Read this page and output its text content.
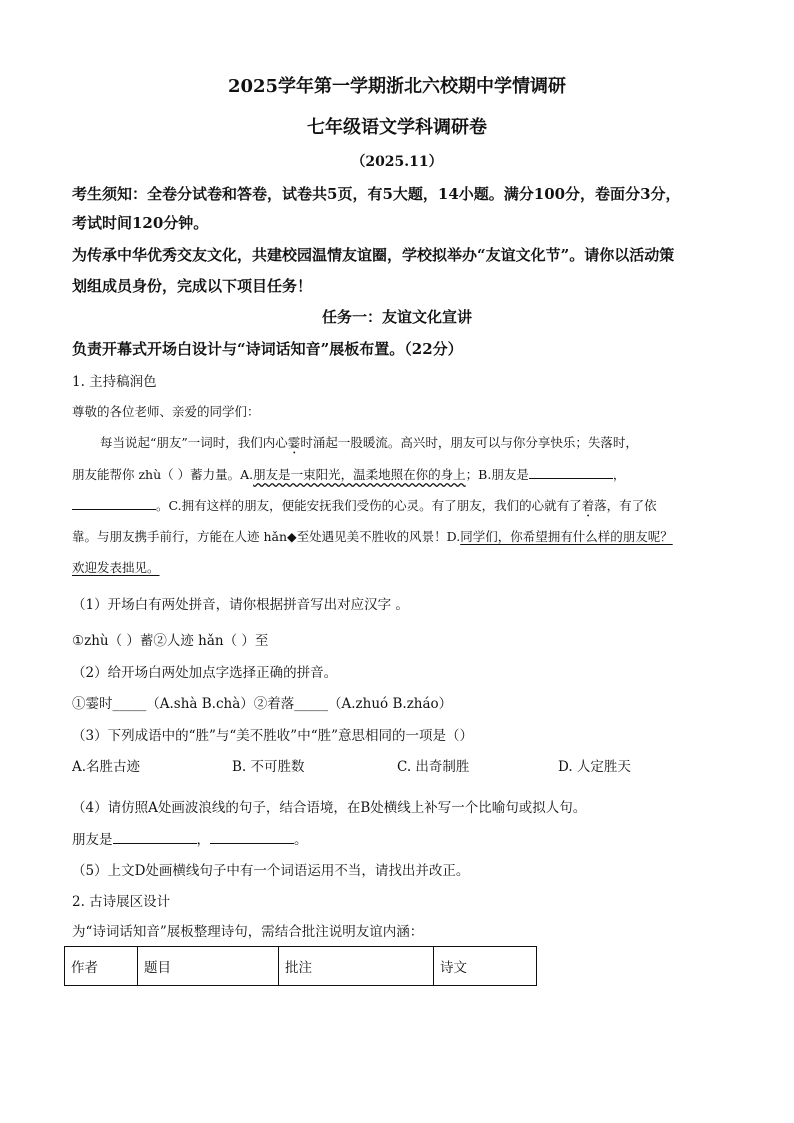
2025学年第一学期浙北六校期中学情调研
七年级语文学科调研卷
（2025.11）
考生须知：全卷分试卷和答卷，试卷共5页，有5大题，14小题。满分100分，卷面分3分，
考试时间120分钟。
为传承中华优秀交友文化，共建校园温情友谊圈，学校拟举办“友谊文化节”。请你以活动策
划组成员身份，完成以下项目任务！
任务一：友谊文化宣讲
负责开幕式开场白设计与“诗词话知音”展板布置。（22分）
1. 主持稿润色
尊敬的各位老师、亲爱的同学们：
每当说起“朋友”一词时，我们内心霎时涌起一股暖流。高兴时，朋友可以与你分享快乐；失落时，
朋友能帮你 zhù（ ）蓄力量。A.朋友是一束阳光，温柔地照在你的身上；B.朋友是	，
。C.拥有这样的朋友，便能安抚我们受伤的心灵。有了朋友，我们的心就有了着落，有了依
靠。与朋友携手前行，方能在人迹 hǎn◆至处遇见美不胜收的风景！D.同学们，你希望拥有什么样的朋友呢？
欢迎发表拙见。
（1）开场白有两处拼音，请你根据拼音写出对应汉字 。
①zhù（ ）蓄②人迹 hǎn（ ）至
（2）给开场白两处加点字选择正确的拼音。
①霎时_____（A.shà B.chà）②着落_____（A.zhuó B.zháo）
（3）下列成语中的“胜”与“美不胜收”中“胜”意思相同的一项是（）
A.名胜古迹	B. 不可胜数	C. 出奇制胜	D. 人定胜天
（4）请仿照A处画波浪线的句子，结合语境，在B处横线上补写一个比喻句或拟人句。
朋友是	，	。
（5）上文D处画横线句子中有一个词语运用不当，请找出并改正。
2. 古诗展区设计
为“诗词话知音”展板整理诗句，需结合批注说明友谊内涵：
作者	题目	批注	诗文
